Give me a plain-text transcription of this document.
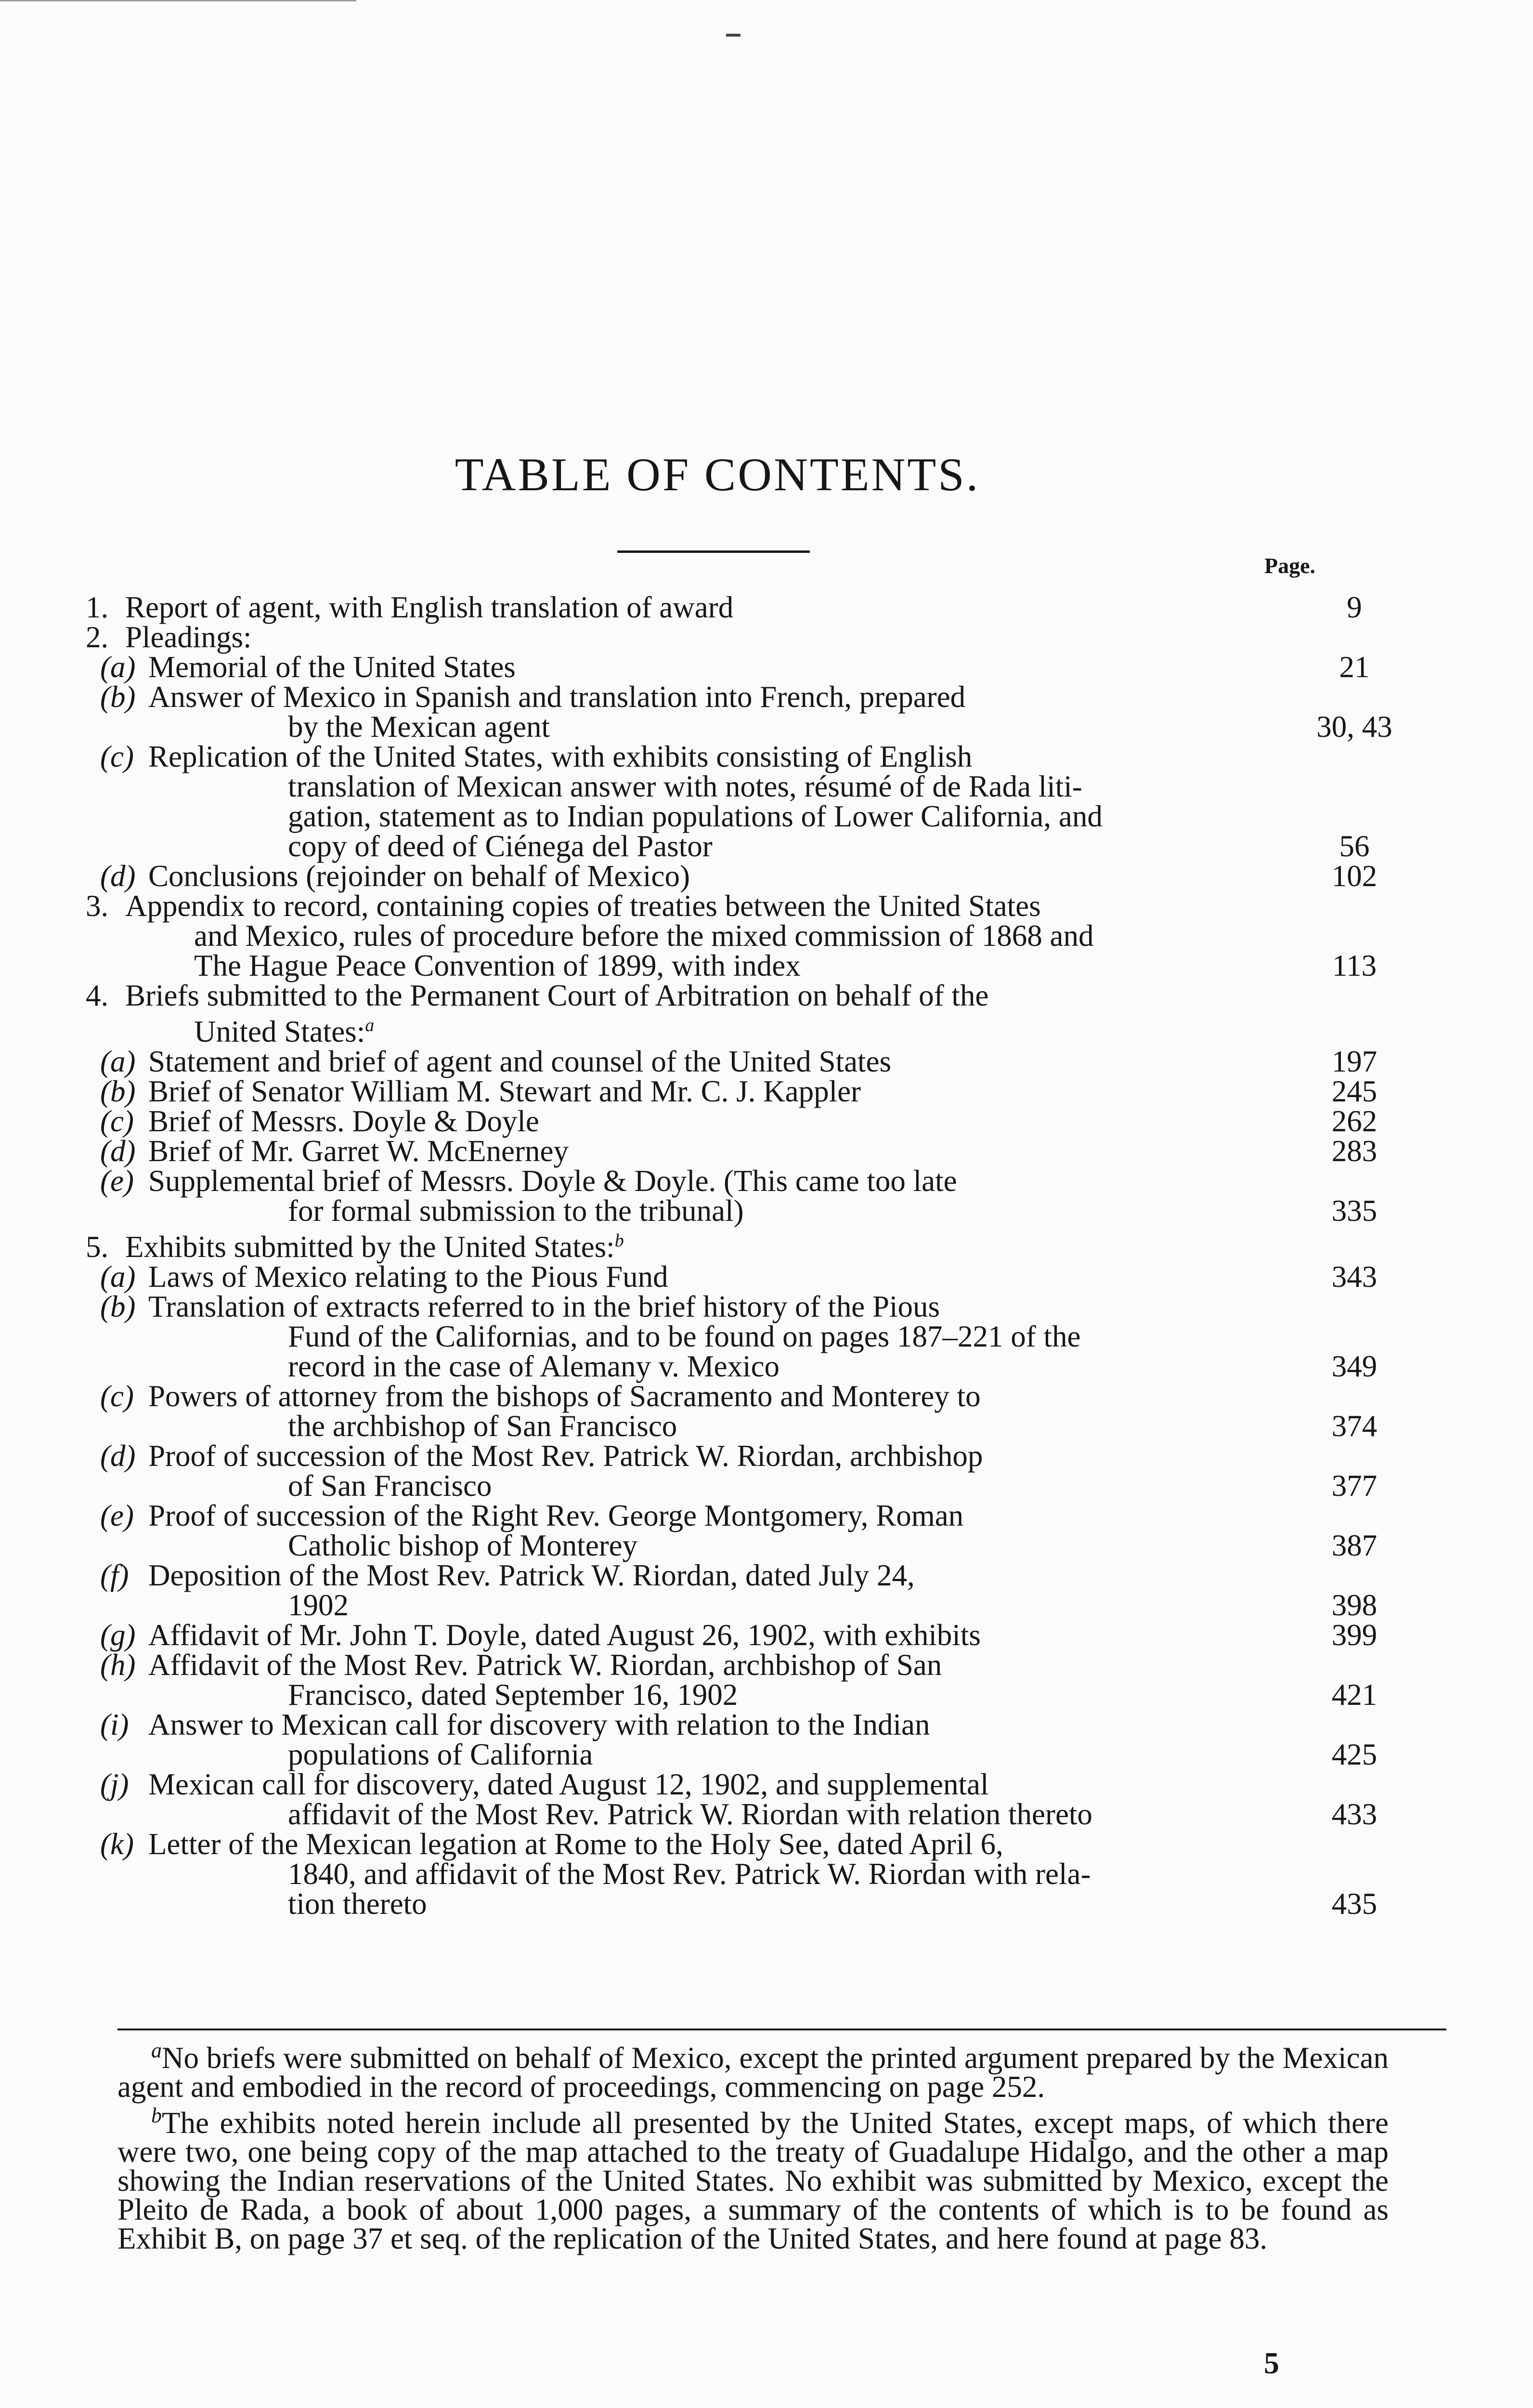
TABLE OF CONTENTS.
Page.
1. Report of agent, with English translation of award	9
2. Pleadings:
(a) Memorial of the United States	21
(b) Answer of Mexico in Spanish and translation into French, prepared
by the Mexican agent	30, 43
(c) Replication of the United States, with exhibits consisting of English
translation of Mexican answer with notes, résumé of de Rada liti-
gation, statement as to Indian populations of Lower California, and
copy of deed of Ciénega del Pastor	56
(d) Conclusions (rejoinder on behalf of Mexico)	102
3. Appendix to record, containing copies of treaties between the United States
and Mexico, rules of procedure before the mixed commission of 1868 and
The Hague Peace Convention of 1899, with index	113
4. Briefs submitted to the Permanent Court of Arbitration on behalf of the
United States:$^a$
(a) Statement and brief of agent and counsel of the United States	197
(b) Brief of Senator William M. Stewart and Mr. C. J. Kappler	245
(c) Brief of Messrs. Doyle & Doyle	262
(d) Brief of Mr. Garret W. McEnerney	283
(e) Supplemental brief of Messrs. Doyle & Doyle. (This came too late
for formal submission to the tribunal)	335
5. Exhibits submitted by the United States:$^b$
(a) Laws of Mexico relating to the Pious Fund	343
(b) Translation of extracts referred to in the brief history of the Pious
Fund of the Californias, and to be found on pages 187–221 of the
record in the case of Alemany v. Mexico	349
(c) Powers of attorney from the bishops of Sacramento and Monterey to
the archbishop of San Francisco	374
(d) Proof of succession of the Most Rev. Patrick W. Riordan, archbishop
of San Francisco	377
(e) Proof of succession of the Right Rev. George Montgomery, Roman
Catholic bishop of Monterey	387
(f) Deposition of the Most Rev. Patrick W. Riordan, dated July 24,
1902	398
(g) Affidavit of Mr. John T. Doyle, dated August 26, 1902, with exhibits	399
(h) Affidavit of the Most Rev. Patrick W. Riordan, archbishop of San
Francisco, dated September 16, 1902	421
(i) Answer to Mexican call for discovery with relation to the Indian
populations of California	425
(j) Mexican call for discovery, dated August 12, 1902, and supplemental
affidavit of the Most Rev. Patrick W. Riordan with relation thereto	433
(k) Letter of the Mexican legation at Rome to the Holy See, dated April 6,
1840, and affidavit of the Most Rev. Patrick W. Riordan with rela-
tion thereto	435

$^a$No briefs were submitted on behalf of Mexico, except the printed argument prepared by the Mexican agent and embodied in the record of proceedings, commencing on page 252.

$^b$The exhibits noted herein include all presented by the United States, except maps, of which there were two, one being copy of the map attached to the treaty of Guadalupe Hidalgo, and the other a map showing the Indian reservations of the United States. No exhibit was submitted by Mexico, except the Pleito de Rada, a book of about 1,000 pages, a summary of the contents of which is to be found as Exhibit B, on page 37 et seq. of the replication of the United States, and here found at page 83.

5
